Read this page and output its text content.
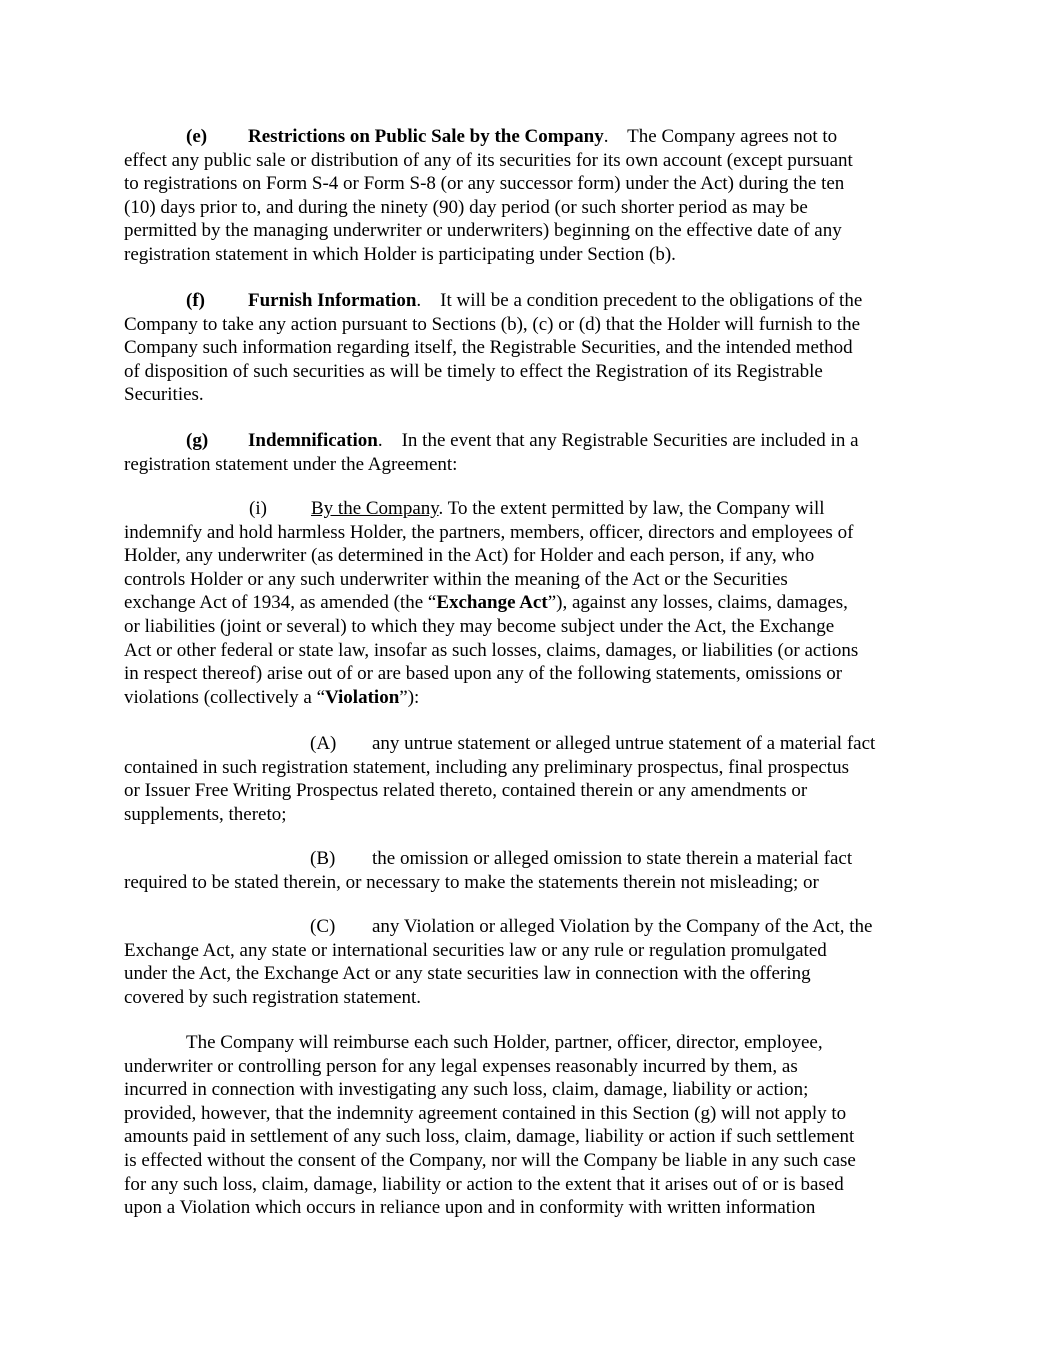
(e) Restrictions on Public Sale by the Company. The Company agrees not to
effect any public sale or distribution of any of its securities for its own account (except pursuant
to registrations on Form S-4 or Form S-8 (or any successor form) under the Act) during the ten
(10) days prior to, and during the ninety (90) day period (or such shorter period as may be
permitted by the managing underwriter or underwriters) beginning on the effective date of any
registration statement in which Holder is participating under Section (b).
(f) Furnish Information. It will be a condition precedent to the obligations of the
Company to take any action pursuant to Sections (b), (c) or (d) that the Holder will furnish to the
Company such information regarding itself, the Registrable Securities, and the intended method
of disposition of such securities as will be timely to effect the Registration of its Registrable
Securities.
(g) Indemnification. In the event that any Registrable Securities are included in a
registration statement under the Agreement:
(i) By the Company. To the extent permitted by law, the Company will
indemnify and hold harmless Holder, the partners, members, officer, directors and employees of
Holder, any underwriter (as determined in the Act) for Holder and each person, if any, who
controls Holder or any such underwriter within the meaning of the Act or the Securities
exchange Act of 1934, as amended (the “Exchange Act”), against any losses, claims, damages,
or liabilities (joint or several) to which they may become subject under the Act, the Exchange
Act or other federal or state law, insofar as such losses, claims, damages, or liabilities (or actions
in respect thereof) arise out of or are based upon any of the following statements, omissions or
violations (collectively a “Violation”):
(A) any untrue statement or alleged untrue statement of a material fact
contained in such registration statement, including any preliminary prospectus, final prospectus
or Issuer Free Writing Prospectus related thereto, contained therein or any amendments or
supplements, thereto;
(B) the omission or alleged omission to state therein a material fact
required to be stated therein, or necessary to make the statements therein not misleading; or
(C) any Violation or alleged Violation by the Company of the Act, the
Exchange Act, any state or international securities law or any rule or regulation promulgated
under the Act, the Exchange Act or any state securities law in connection with the offering
covered by such registration statement.
The Company will reimburse each such Holder, partner, officer, director, employee,
underwriter or controlling person for any legal expenses reasonably incurred by them, as
incurred in connection with investigating any such loss, claim, damage, liability or action;
provided, however, that the indemnity agreement contained in this Section (g) will not apply to
amounts paid in settlement of any such loss, claim, damage, liability or action if such settlement
is effected without the consent of the Company, nor will the Company be liable in any such case
for any such loss, claim, damage, liability or action to the extent that it arises out of or is based
upon a Violation which occurs in reliance upon and in conformity with written information
